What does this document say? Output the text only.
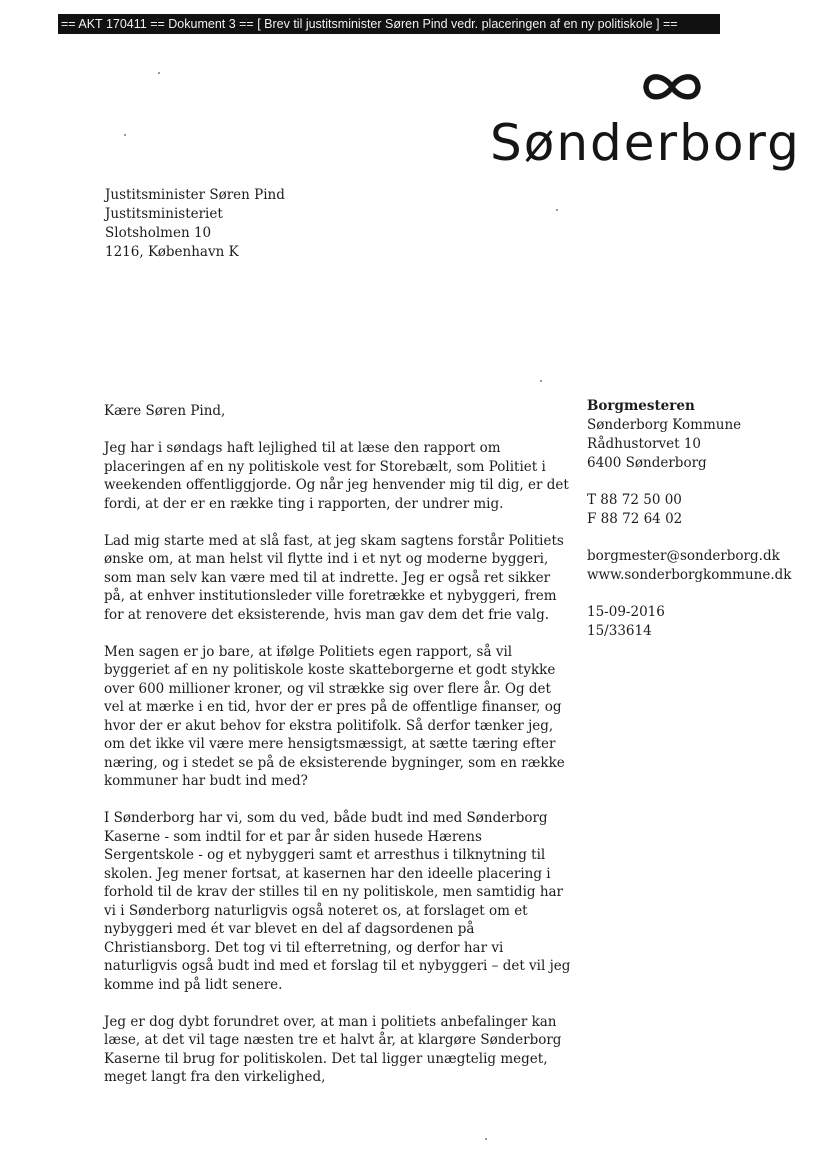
== AKT 170411 == Dokument 3 == [ Brev til justitsminister Søren Pind vedr. placeringen af en ny politiskole ] ==
Sønderborg
Justitsminister Søren Pind
Justitsministeriet
Slotsholmen 10
1216, København K
Borgmesteren
Sønderborg Kommune
Rådhustorvet 10
6400 Sønderborg
T 88 72 50 00
F 88 72 64 02
borgmester@sonderborg.dk
www.sonderborgkommune.dk
15-09-2016
15/33614

Kære Søren Pind,

Jeg har i søndags haft lejlighed til at læse den rapport om placeringen af en ny politiskole vest for Storebælt, som Politiet i weekenden offentliggjorde. Og når jeg henvender mig til dig, er det fordi, at der er en række ting i rapporten, der undrer mig.

Lad mig starte med at slå fast, at jeg skam sagtens forstår Politiets ønske om, at man helst vil flytte ind i et nyt og moderne byggeri, som man selv kan være med til at indrette. Jeg er også ret sikker på, at enhver institutionsleder ville foretrække et nybyggeri, frem for at renovere det eksisterende, hvis man gav dem det frie valg.

Men sagen er jo bare, at ifølge Politiets egen rapport, så vil byggeriet af en ny politiskole koste skatteborgerne et godt stykke over 600 millioner kroner, og vil strække sig over flere år. Og det vel at mærke i en tid, hvor der er pres på de offentlige finanser, og hvor der er akut behov for ekstra politifolk. Så derfor tænker jeg, om det ikke vil være mere hensigtsmæssigt, at sætte tæring efter næring, og i stedet se på de eksisterende bygninger, som en række kommuner har budt ind med?

I Sønderborg har vi, som du ved, både budt ind med Sønderborg Kaserne - som indtil for et par år siden husede Hærens Sergentskole - og et nybyggeri samt et arresthus i tilknytning til skolen. Jeg mener fortsat, at kasernen har den ideelle placering i forhold til de krav der stilles til en ny politiskole, men samtidig har vi i Sønderborg naturligvis også noteret os, at forslaget om et nybyggeri med ét var blevet en del af dagsordenen på Christiansborg. Det tog vi til efterretning, og derfor har vi naturligvis også budt ind med et forslag til et nybyggeri – det vil jeg komme ind på lidt senere.

Jeg er dog dybt forundret over, at man i politiets anbefalinger kan læse, at det vil tage næsten tre et halvt år, at klargøre Sønderborg Kaserne til brug for politiskolen. Det tal ligger unægtelig meget, meget langt fra den virkelighed,
